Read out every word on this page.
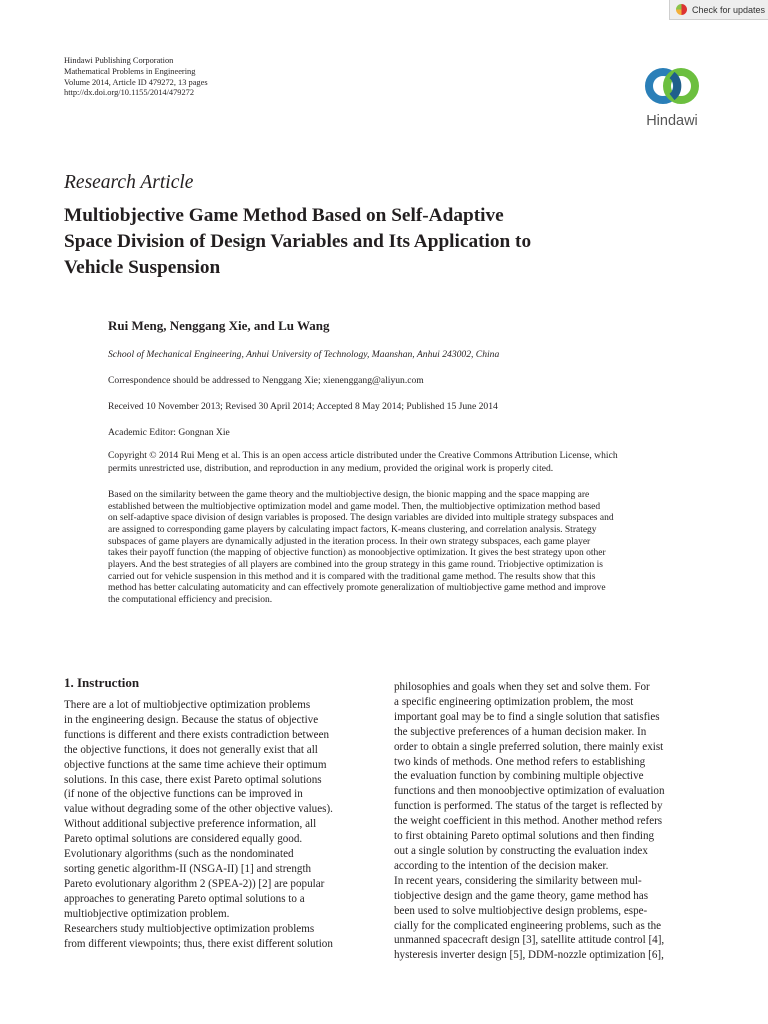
Check for updates
Hindawi Publishing Corporation
Mathematical Problems in Engineering
Volume 2014, Article ID 479272, 13 pages
http://dx.doi.org/10.1155/2014/479272
Hindawi
Research Article
Multiobjective Game Method Based on Self-Adaptive
Space Division of Design Variables and Its Application to
Vehicle Suspension
Rui Meng, Nenggang Xie, and Lu Wang
School of Mechanical Engineering, Anhui University of Technology, Maanshan, Anhui 243002, China
Correspondence should be addressed to Nenggang Xie; xienenggang@aliyun.com
Received 10 November 2013; Revised 30 April 2014; Accepted 8 May 2014; Published 15 June 2014
Academic Editor: Gongnan Xie
Copyright © 2014 Rui Meng et al. This is an open access article distributed under the Creative Commons Attribution License, which
permits unrestricted use, distribution, and reproduction in any medium, provided the original work is properly cited.
Based on the similarity between the game theory and the multiobjective design, the bionic mapping and the space mapping are
established between the multiobjective optimization model and game model. Then, the multiobjective optimization method based
on self-adaptive space division of design variables is proposed. The design variables are divided into multiple strategy subspaces and
are assigned to corresponding game players by calculating impact factors, K-means clustering, and correlation analysis. Strategy
subspaces of game players are dynamically adjusted in the iteration process. In their own strategy subspaces, each game player
takes their payoff function (the mapping of objective function) as monoobjective optimization. It gives the best strategy upon other
players. And the best strategies of all players are combined into the group strategy in this game round. Triobjective optimization is
carried out for vehicle suspension in this method and it is compared with the traditional game method. The results show that this
method has better calculating automaticity and can effectively promote generalization of multiobjective game method and improve
the computational efficiency and precision.
1. Instruction
There are a lot of multiobjective optimization problems
in the engineering design. Because the status of objective
functions is different and there exists contradiction between
the objective functions, it does not generally exist that all
objective functions at the same time achieve their optimum
solutions. In this case, there exist Pareto optimal solutions
(if none of the objective functions can be improved in
value without degrading some of the other objective values).
Without additional subjective preference information, all
Pareto optimal solutions are considered equally good.
Evolutionary algorithms (such as the nondominated
sorting genetic algorithm-II (NSGA-II) [1] and strength
Pareto evolutionary algorithm 2 (SPEA-2)) [2] are popular
approaches to generating Pareto optimal solutions to a
multiobjective optimization problem.
Researchers study multiobjective optimization problems
from different viewpoints; thus, there exist different solution
philosophies and goals when they set and solve them. For
a specific engineering optimization problem, the most
important goal may be to find a single solution that satisfies
the subjective preferences of a human decision maker. In
order to obtain a single preferred solution, there mainly exist
two kinds of methods. One method refers to establishing
the evaluation function by combining multiple objective
functions and then monoobjective optimization of evaluation
function is performed. The status of the target is reflected by
the weight coefficient in this method. Another method refers
to first obtaining Pareto optimal solutions and then finding
out a single solution by constructing the evaluation index
according to the intention of the decision maker.
In recent years, considering the similarity between mul-
tiobjective design and the game theory, game method has
been used to solve multiobjective design problems, espe-
cially for the complicated engineering problems, such as the
unmanned spacecraft design [3], satellite attitude control [4],
hysteresis inverter design [5], DDM-nozzle optimization [6],
